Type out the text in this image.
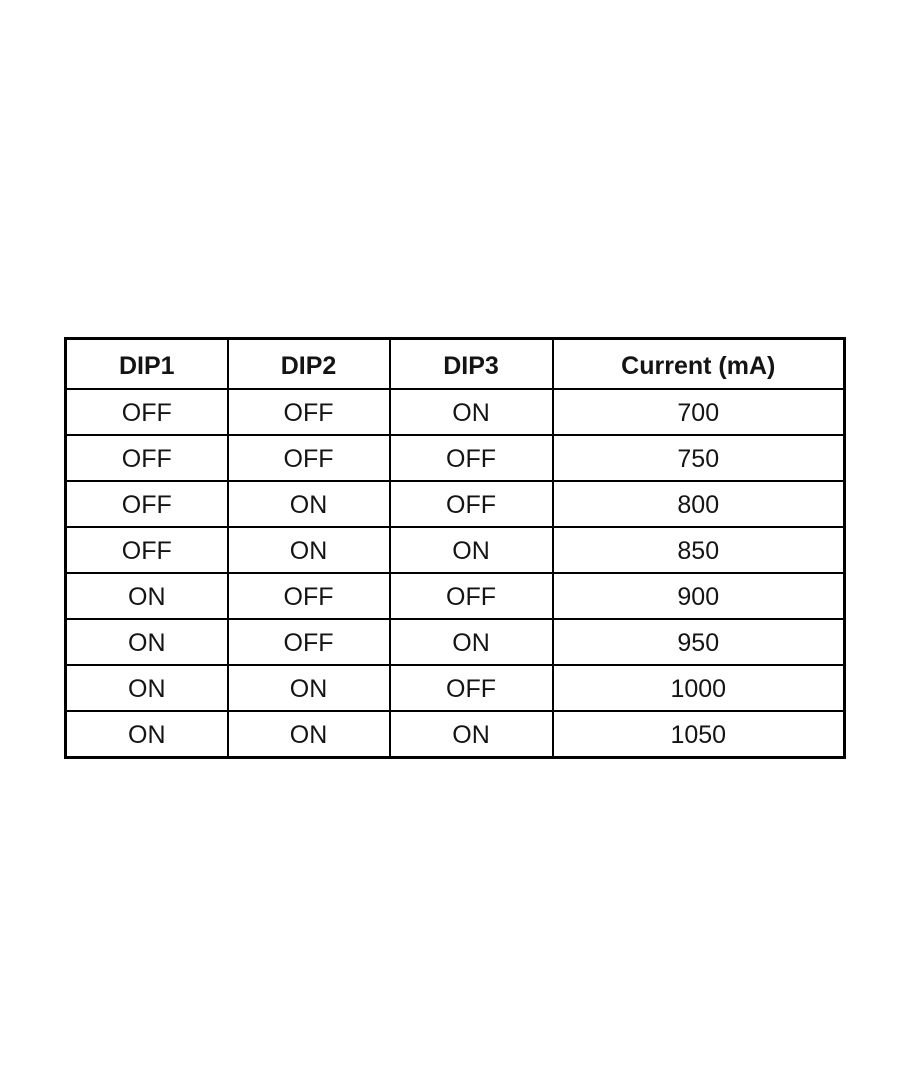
DIP1	DIP2	DIP3	Current (mA)
OFF	OFF	ON	700
OFF	OFF	OFF	750
OFF	ON	OFF	800
OFF	ON	ON	850
ON	OFF	OFF	900
ON	OFF	ON	950
ON	ON	OFF	1000
ON	ON	ON	1050
